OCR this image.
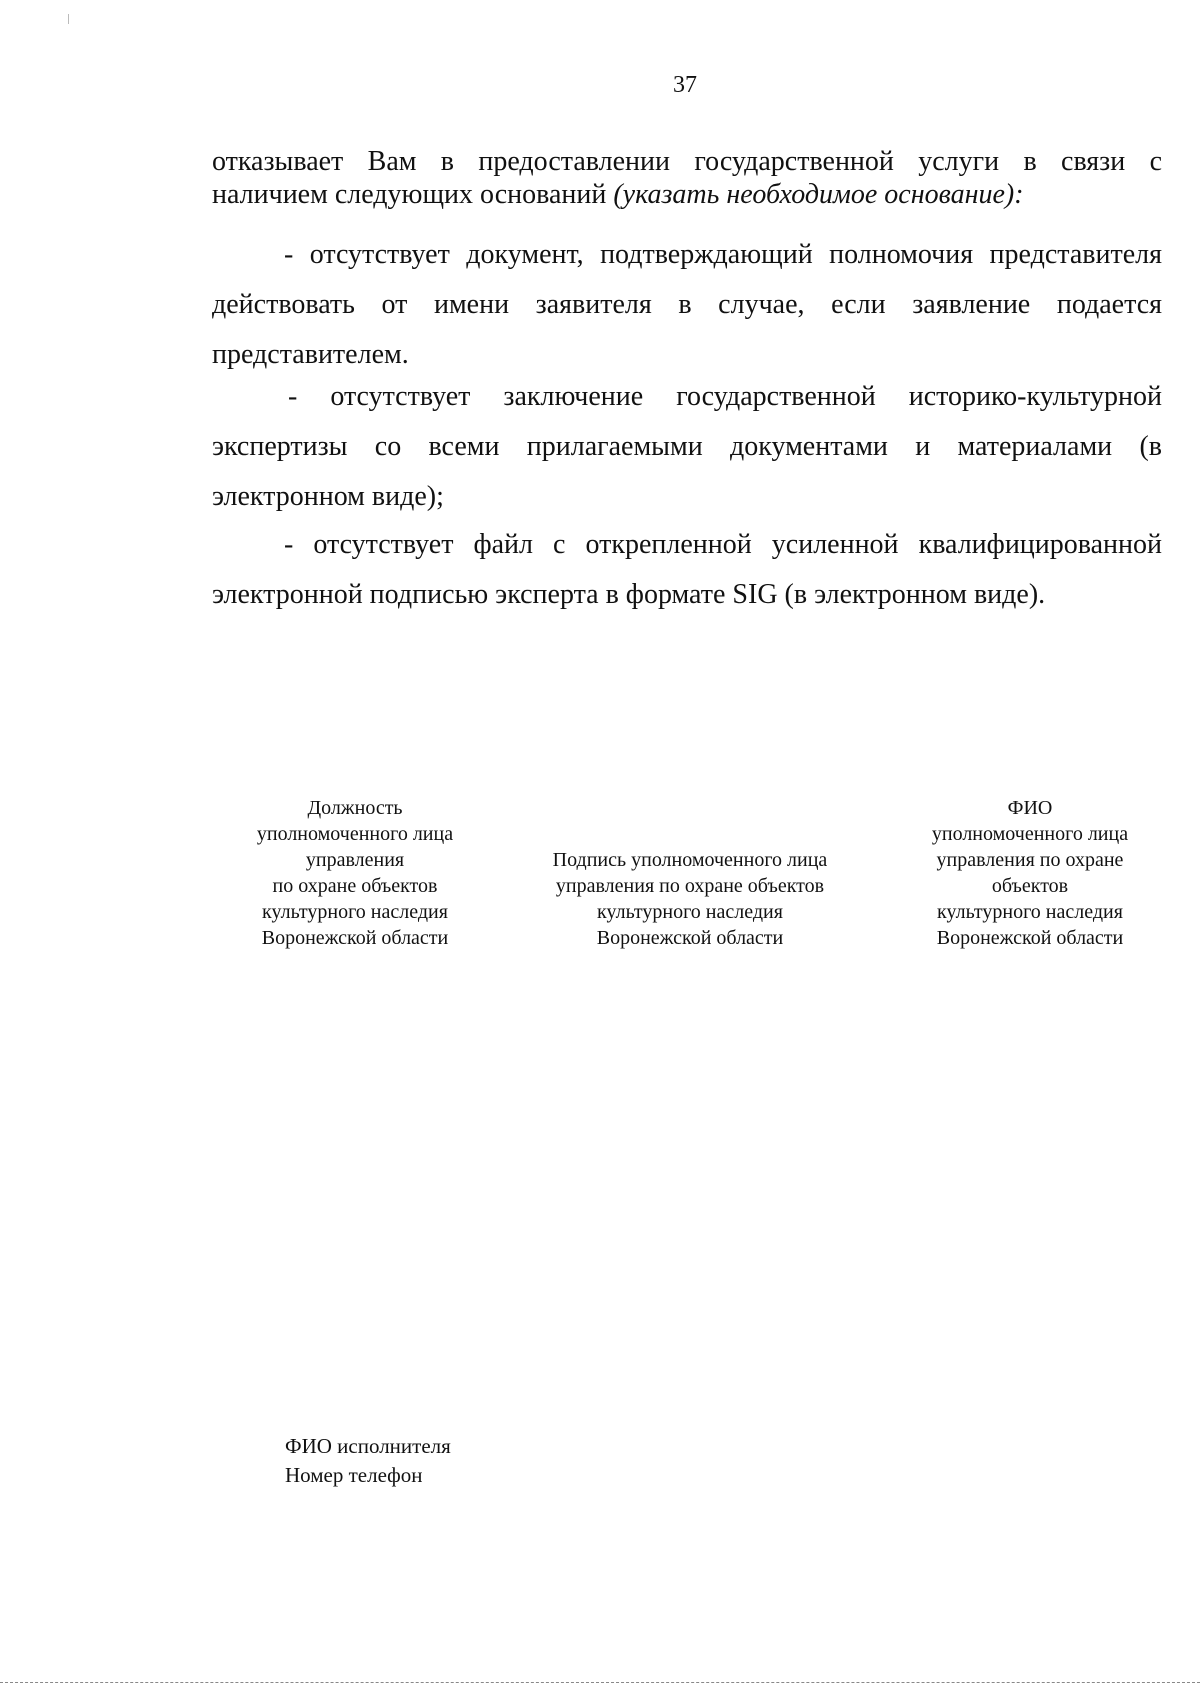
37

отказывает Вам в предоставлении государственной услуги в связи с

наличием следующих оснований (указать необходимое основание):

- отсутствует документ, подтверждающий полномочия представителя действовать от имени заявителя в случае, если заявление подается представителем.

- отсутствует заключение государственной историко-культурной экспертизы со всеми прилагаемыми документами и материалами (в электронном виде);

- отсутствует файл с открепленной усиленной квалифицированной электронной подписью эксперта в формате SIG (в электронном виде).

Должность
уполномоченного лица
управления
по охране объектов
культурного наследия
Воронежской области
Подпись уполномоченного лица
управления по охране объектов
культурного наследия
Воронежской области
ФИО
уполномоченного лица
управления по охране
объектов
культурного наследия
Воронежской области
ФИО исполнителя
Номер телефон
